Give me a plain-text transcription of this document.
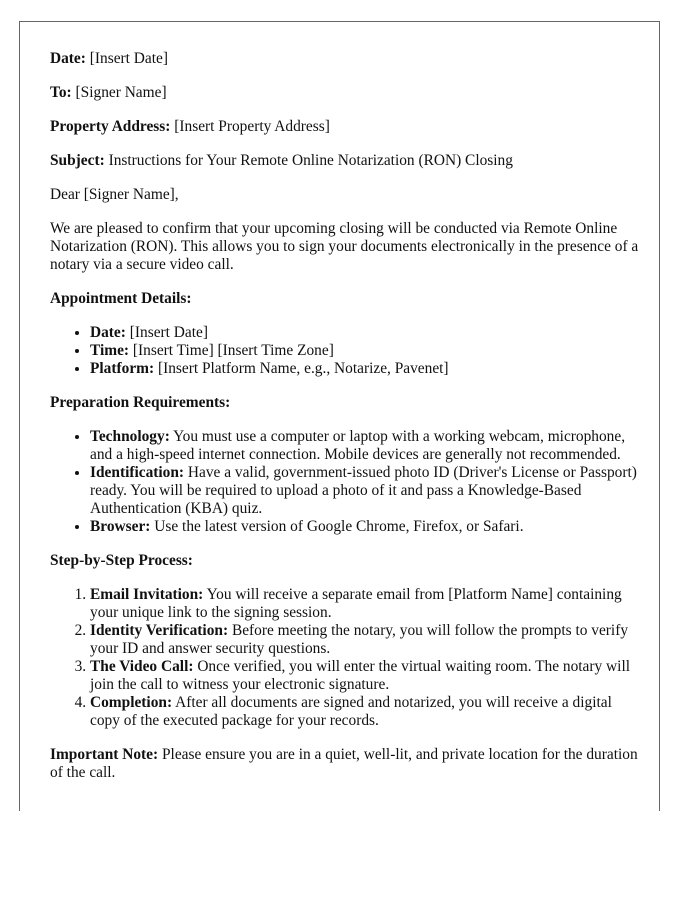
Date: [Insert Date]

To: [Signer Name]

Property Address: [Insert Property Address]

Subject: Instructions for Your Remote Online Notarization (RON) Closing

Dear [Signer Name],

We are pleased to confirm that your upcoming closing will be conducted via Remote Online Notarization (RON). This allows you to sign your documents electronically in the presence of a notary via a secure video call.

Appointment Details:

• Date: [Insert Date]
• Time: [Insert Time] [Insert Time Zone]
• Platform: [Insert Platform Name, e.g., Notarize, Pavenet]

Preparation Requirements:

• Technology: You must use a computer or laptop with a working webcam, microphone, and a high-speed internet connection. Mobile devices are generally not recommended.
• Identification: Have a valid, government-issued photo ID (Driver's License or Passport) ready. You will be required to upload a photo of it and pass a Knowledge-Based Authentication (KBA) quiz.
• Browser: Use the latest version of Google Chrome, Firefox, or Safari.

Step-by-Step Process:

1. Email Invitation: You will receive a separate email from [Platform Name] containing your unique link to the signing session.
2. Identity Verification: Before meeting the notary, you will follow the prompts to verify your ID and answer security questions.
3. The Video Call: Once verified, you will enter the virtual waiting room. The notary will join the call to witness your electronic signature.
4. Completion: After all documents are signed and notarized, you will receive a digital copy of the executed package for your records.

Important Note: Please ensure you are in a quiet, well-lit, and private location for the duration of the call.
